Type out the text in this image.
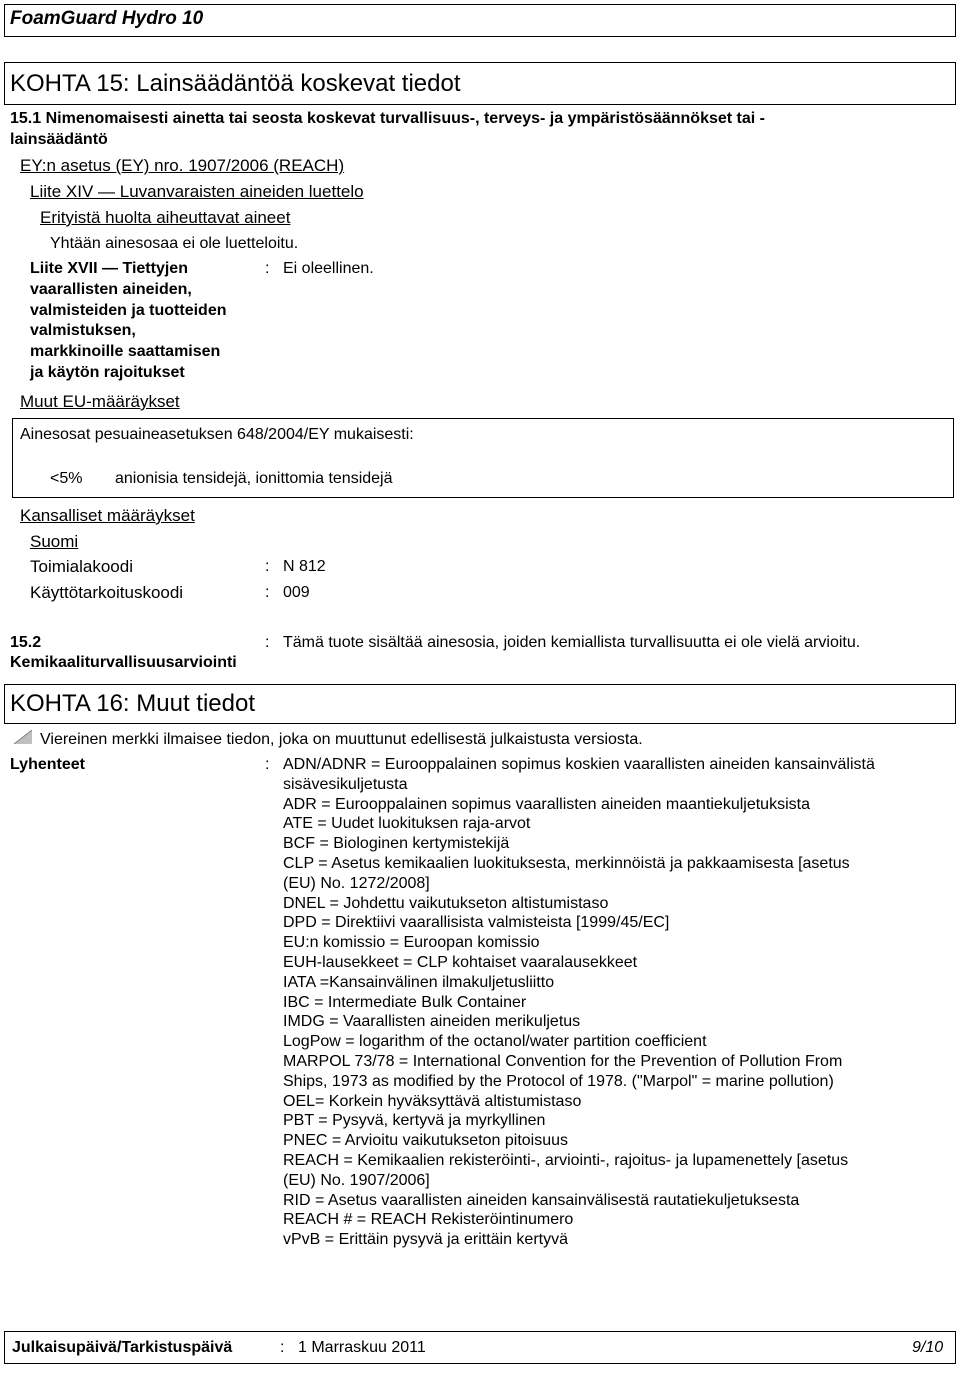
FoamGuard Hydro 10
KOHTA 15: Lainsäädäntöä koskevat tiedot
15.1 Nimenomaisesti ainetta tai seosta koskevat turvallisuus-, terveys- ja ympäristösäännökset tai -
lainsäädäntö
EY:n asetus (EY) nro. 1907/2006 (REACH)
Liite XIV — Luvanvaraisten aineiden luettelo
Erityistä huolta aiheuttavat aineet
Yhtään ainesosaa ei ole luetteloitu.
Liite XVII — Tiettyjen
vaarallisten aineiden,
valmisteiden ja tuotteiden
valmistuksen,
markkinoille saattamisen
ja käytön rajoitukset
: Ei oleellinen.
Muut EU-määräykset
Ainesosat pesuaineasetuksen 648/2004/EY mukaisesti:
<5% anionisia tensidejä, ionittomia tensidejä
Kansalliset määräykset
Suomi
Toimialakoodi	: N 812
Käyttötarkoituskoodi	: 009
15.2
Kemikaaliturvallisuusarviointi
: Tämä tuote sisältää ainesosia, joiden kemiallista turvallisuutta ei ole vielä arvioitu.
KOHTA 16: Muut tiedot
Viereinen merkki ilmaisee tiedon, joka on muuttunut edellisestä julkaistusta versiosta.
Lyhenteet	: ADN/ADNR = Eurooppalainen sopimus koskien vaarallisten aineiden kansainvälistä
sisävesikuljetusta
ADR = Eurooppalainen sopimus vaarallisten aineiden maantiekuljetuksista
ATE = Uudet luokituksen raja-arvot
BCF = Biologinen kertymistekijä
CLP = Asetus kemikaalien luokituksesta, merkinnöistä ja pakkaamisesta [asetus
(EU) No. 1272/2008]
DNEL = Johdettu vaikutukseton altistumistaso
DPD = Direktiivi vaarallisista valmisteista [1999/45/EC]
EU:n komissio = Euroopan komissio
EUH-lausekkeet = CLP kohtaiset vaaralausekkeet
IATA =Kansainvälinen ilmakuljetusliitto
IBC = Intermediate Bulk Container
IMDG = Vaarallisten aineiden merikuljetus
LogPow = logarithm of the octanol/water partition coefficient
MARPOL 73/78 = International Convention for the Prevention of Pollution From
Ships, 1973 as modified by the Protocol of 1978. ("Marpol" = marine pollution)
OEL= Korkein hyväksyttävä altistumistaso
PBT = Pysyvä, kertyvä ja myrkyllinen
PNEC = Arvioitu vaikutukseton pitoisuus
REACH = Kemikaalien rekisteröinti-, arviointi-, rajoitus- ja lupamenettely [asetus
(EU) No. 1907/2006]
RID = Asetus vaarallisten aineiden kansainvälisestä rautatiekuljetuksesta
REACH # = REACH Rekisteröintinumero
vPvB = Erittäin pysyvä ja erittäin kertyvä
Julkaisupäivä/Tarkistuspäivä	: 1 Marraskuu 2011	9/10
